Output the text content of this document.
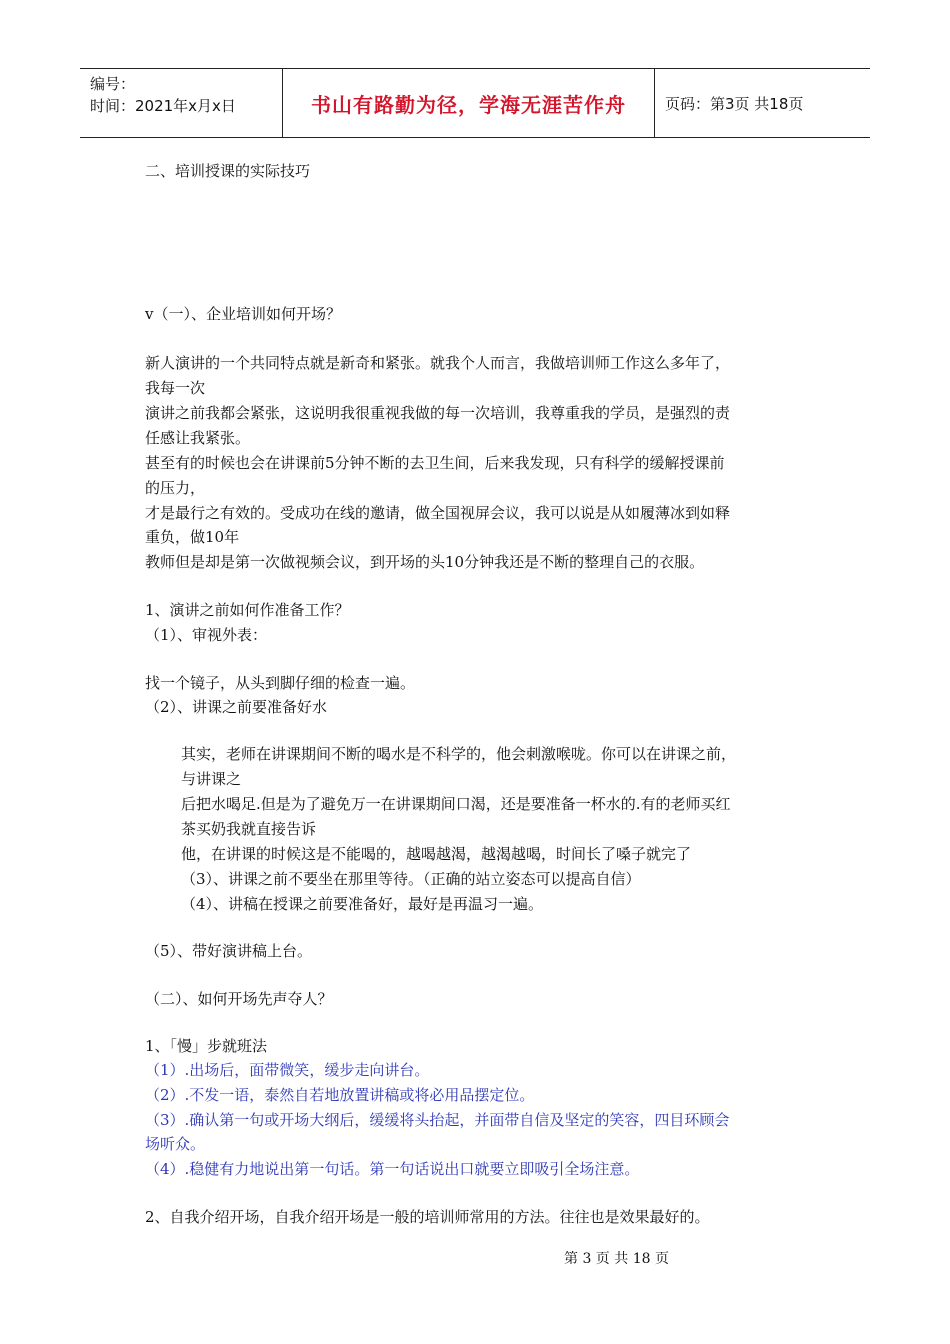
编号：
时间：2021年x月x日	书山有路勤为径，学海无涯苦作舟	页码：第3页 共18页
二、培训授课的实际技巧
v（一）、企业培训如何开场？
新人演讲的一个共同特点就是新奇和紧张。就我个人而言，我做培训师工作这么多年了，
我每一次
演讲之前我都会紧张，这说明我很重视我做的每一次培训，我尊重我的学员，是强烈的责
任感让我紧张。
甚至有的时候也会在讲课前5分钟不断的去卫生间，后来我发现，只有科学的缓解授课前
的压力，
才是最行之有效的。受成功在线的邀请，做全国视屏会议，我可以说是从如履薄冰到如释
重负，做10年
教师但是却是第一次做视频会议，到开场的头10分钟我还是不断的整理自己的衣服。
1、演讲之前如何作准备工作？
（1）、审视外表：
找一个镜子，从头到脚仔细的检查一遍。
（2）、讲课之前要准备好水
其实，老师在讲课期间不断的喝水是不科学的，他会刺激喉咙。你可以在讲课之前，
与讲课之
后把水喝足.但是为了避免万一在讲课期间口渴，还是要准备一杯水的.有的老师买红
茶买奶我就直接告诉
他，在讲课的时候这是不能喝的，越喝越渴，越渴越喝，时间长了嗓子就完了
（3）、讲课之前不要坐在那里等待。（正确的站立姿态可以提高自信）
（4）、讲稿在授课之前要准备好，最好是再温习一遍。
（5）、带好演讲稿上台。
（二）、如何开场先声夺人？
1、「慢」步就班法
（1）.出场后，面带微笑，缓步走向讲台。
（2）.不发一语，泰然自若地放置讲稿或将必用品摆定位。
（3）.确认第一句或开场大纲后，缓缓将头抬起，并面带自信及坚定的笑容，四目环顾会
场听众。
（4）.稳健有力地说出第一句话。第一句话说出口就要立即吸引全场注意。
2、自我介绍开场，自我介绍开场是一般的培训师常用的方法。往往也是效果最好的。
第 3 页 共 18 页
